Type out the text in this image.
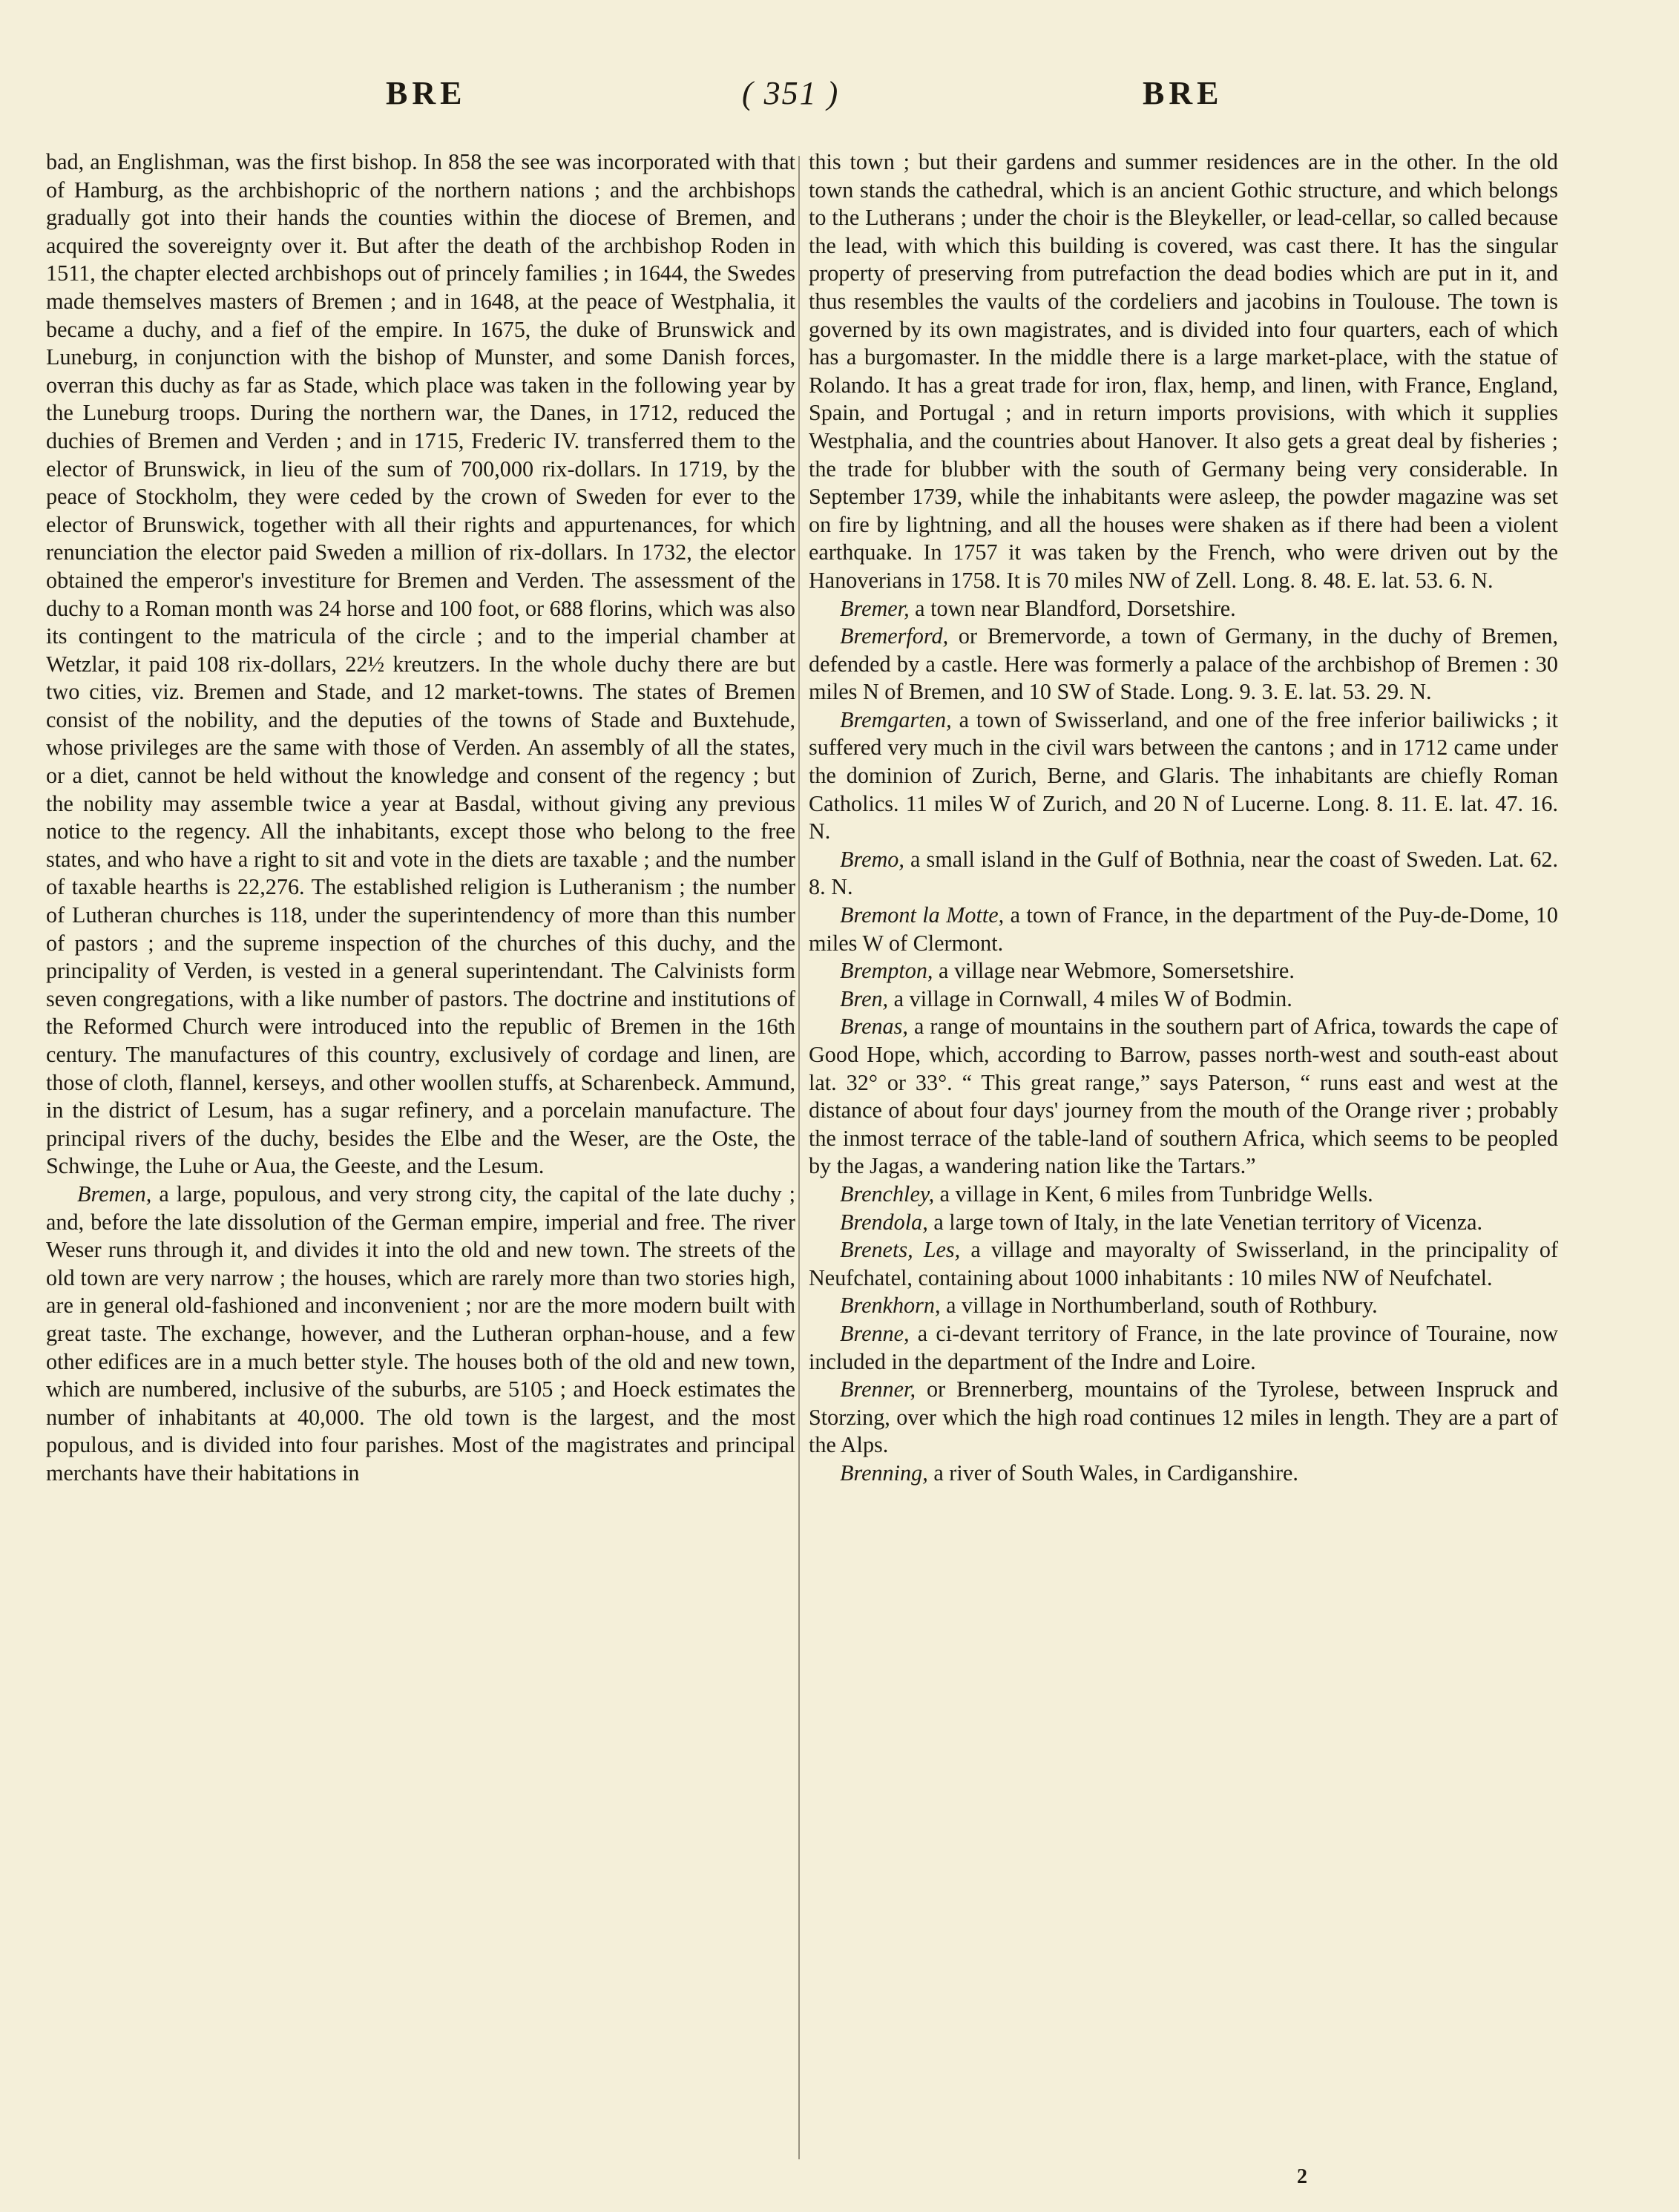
BRE	( 351 )	BRE

bad, an Englishman, was the first bishop. In 858 the see was incorporated with that of Hamburg, as the archbishopric of the northern nations ; and the archbishops gradually got into their hands the counties within the diocese of Bremen, and acquired the sovereignty over it. But after the death of the archbishop Roden in 1511, the chapter elected archbishops out of princely families ; in 1644, the Swedes made themselves masters of Bremen ; and in 1648, at the peace of Westphalia, it became a duchy, and a fief of the empire. In 1675, the duke of Brunswick and Luneburg, in conjunction with the bishop of Munster, and some Danish forces, overran this duchy as far as Stade, which place was taken in the following year by the Luneburg troops. During the northern war, the Danes, in 1712, reduced the duchies of Bremen and Verden ; and in 1715, Frederic IV. transferred them to the elector of Brunswick, in lieu of the sum of 700,000 rix-dollars. In 1719, by the peace of Stockholm, they were ceded by the crown of Sweden for ever to the elector of Brunswick, together with all their rights and appurtenances, for which renunciation the elector paid Sweden a million of rix-dollars. In 1732, the elector obtained the emperor's investiture for Bremen and Verden. The assessment of the duchy to a Roman month was 24 horse and 100 foot, or 688 florins, which was also its contingent to the matricula of the circle ; and to the imperial chamber at Wetzlar, it paid 108 rix-dollars, 22½ kreutzers. In the whole duchy there are but two cities, viz. Bremen and Stade, and 12 market-towns. The states of Bremen consist of the nobility, and the deputies of the towns of Stade and Buxtehude, whose privileges are the same with those of Verden. An assembly of all the states, or a diet, cannot be held without the knowledge and consent of the regency ; but the nobility may assemble twice a year at Basdal, without giving any previous notice to the regency. All the inhabitants, except those who belong to the free states, and who have a right to sit and vote in the diets are taxable ; and the number of taxable hearths is 22,276. The established religion is Lutheranism ; the number of Lutheran churches is 118, under the superintendency of more than this number of pastors ; and the supreme inspection of the churches of this duchy, and the principality of Verden, is vested in a general superintendant. The Calvinists form seven congregations, with a like number of pastors. The doctrine and institutions of the Reformed Church were introduced into the republic of Bremen in the 16th century. The manufactures of this country, exclusively of cordage and linen, are those of cloth, flannel, kerseys, and other woollen stuffs, at Scharenbeck. Ammund, in the district of Lesum, has a sugar refinery, and a porcelain manufacture. The principal rivers of the duchy, besides the Elbe and the Weser, are the Oste, the Schwinge, the Luhe or Aua, the Geeste, and the Lesum.

Bremen, a large, populous, and very strong city, the capital of the late duchy ; and, before the late dissolution of the German empire, imperial and free. The river Weser runs through it, and divides it into the old and new town. The streets of the old town are very narrow ; the houses, which are rarely more than two stories high, are in general old-fashioned and inconvenient ; nor are the more modern built with great taste. The exchange, however, and the Lutheran orphan-house, and a few other edifices are in a much better style. The houses both of the old and new town, which are numbered, inclusive of the suburbs, are 5105 ; and Hoeck estimates the number of inhabitants at 40,000. The old town is the largest, and the most populous, and is divided into four parishes. Most of the magistrates and principal merchants have their habitations in

this town ; but their gardens and summer residences are in the other. In the old town stands the cathedral, which is an ancient Gothic structure, and which belongs to the Lutherans ; under the choir is the Bleykeller, or lead-cellar, so called because the lead, with which this building is covered, was cast there. It has the singular property of preserving from putrefaction the dead bodies which are put in it, and thus resembles the vaults of the cordeliers and jacobins in Toulouse. The town is governed by its own magistrates, and is divided into four quarters, each of which has a burgomaster. In the middle there is a large market-place, with the statue of Rolando. It has a great trade for iron, flax, hemp, and linen, with France, England, Spain, and Portugal ; and in return imports provisions, with which it supplies Westphalia, and the countries about Hanover. It also gets a great deal by fisheries ; the trade for blubber with the south of Germany being very considerable. In September 1739, while the inhabitants were asleep, the powder magazine was set on fire by lightning, and all the houses were shaken as if there had been a violent earthquake. In 1757 it was taken by the French, who were driven out by the Hanoverians in 1758. It is 70 miles NW of Zell. Long. 8. 48. E. lat. 53. 6. N.

Bremer, a town near Blandford, Dorsetshire.

Bremerford, or Bremervorde, a town of Germany, in the duchy of Bremen, defended by a castle. Here was formerly a palace of the archbishop of Bremen : 30 miles N of Bremen, and 10 SW of Stade. Long. 9. 3. E. lat. 53. 29. N.

Bremgarten, a town of Swisserland, and one of the free inferior bailiwicks ; it suffered very much in the civil wars between the cantons ; and in 1712 came under the dominion of Zurich, Berne, and Glaris. The inhabitants are chiefly Roman Catholics. 11 miles W of Zurich, and 20 N of Lucerne. Long. 8. 11. E. lat. 47. 16. N.

Bremo, a small island in the Gulf of Bothnia, near the coast of Sweden. Lat. 62. 8. N.

Bremont la Motte, a town of France, in the department of the Puy-de-Dome, 10 miles W of Clermont.

Brempton, a village near Webmore, Somersetshire.

Bren, a village in Cornwall, 4 miles W of Bodmin.

Brenas, a range of mountains in the southern part of Africa, towards the cape of Good Hope, which, according to Barrow, passes north-west and south-east about lat. 32° or 33°. “ This great range,” says Paterson, “ runs east and west at the distance of about four days' journey from the mouth of the Orange river ; probably the inmost terrace of the table-land of southern Africa, which seems to be peopled by the Jagas, a wandering nation like the Tartars.”

Brenchley, a village in Kent, 6 miles from Tunbridge Wells.

Brendola, a large town of Italy, in the late Venetian territory of Vicenza.

Brenets, Les, a village and mayoralty of Swisserland, in the principality of Neufchatel, containing about 1000 inhabitants : 10 miles NW of Neufchatel.

Brenkhorn, a village in Northumberland, south of Rothbury.

Brenne, a ci-devant territory of France, in the late province of Touraine, now included in the department of the Indre and Loire.

Brenner, or Brennerberg, mountains of the Tyrolese, between Inspruck and Storzing, over which the high road continues 12 miles in length. They are a part of the Alps.

Brenning, a river of South Wales, in Cardiganshire.

2
